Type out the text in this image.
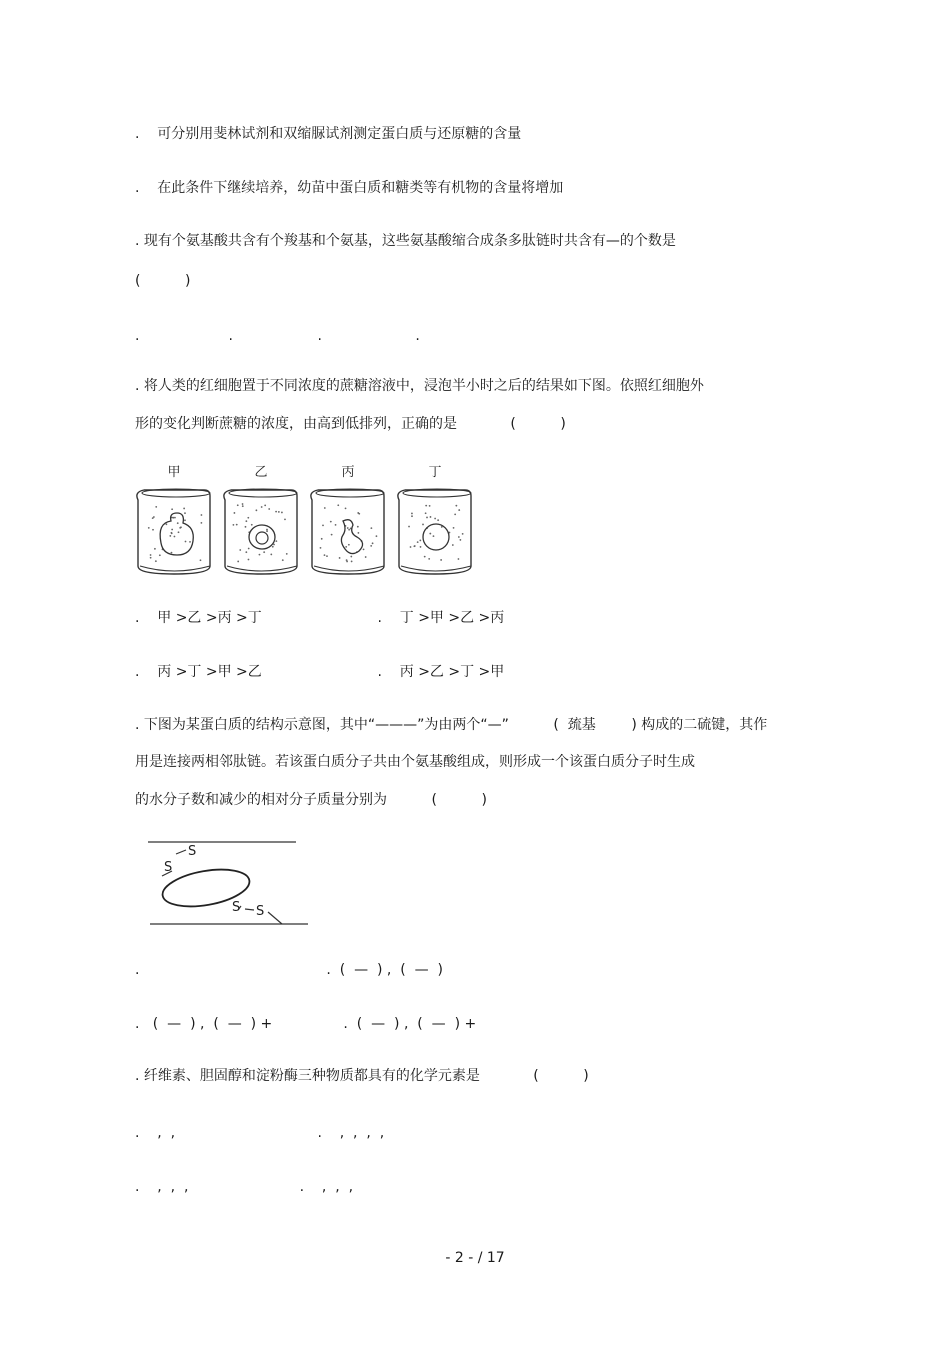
.    可分别用斐林试剂和双缩脲试剂测定蛋白质与还原糖的含量
.    在此条件下继续培养，幼苗中蛋白质和糖类等有机物的含量将增加
. 现有个氨基酸共含有个羧基和个氨基，这些氨基酸缩合成条多肽链时共含有—的个数是
(          )
.                    .                   .                     .
. 将人类的红细胞置于不同浓度的蔗糖溶液中，浸泡半小时之后的结果如下图。依照红细胞外
形的变化判断蔗糖的浓度，由高到低排列，正确的是            (          )
甲	乙	丙	丁
.    甲 >乙 >丙 >丁                          .    丁 >甲 >乙 >丙
.    丙 >丁 >甲 >乙                          .    丙 >乙 >丁 >甲
. 下图为某蛋白质的结构示意图，其中“———”为由两个“—”          (  巯基        ) 构成的二硫键，其作
用是连接两相邻肽链。若该蛋白质分子共由个氨基酸组成，则形成一个该蛋白质分子时生成
的水分子数和减少的相对分子质量分别为          (          )
S
S
S S
.                                          .  (  —  ) ,  (  —  )
.   (  —  ) ,  (  —  ) +                .  (  —  ) ,  (  —  ) +
. 纤维素、胆固醇和淀粉酶三种物质都具有的化学元素是            (          )
.    ,  ,                                .    ,  ,  ,  ,
.    ,  ,  ,                         .    ,  ,  ,
- 2 - / 17
